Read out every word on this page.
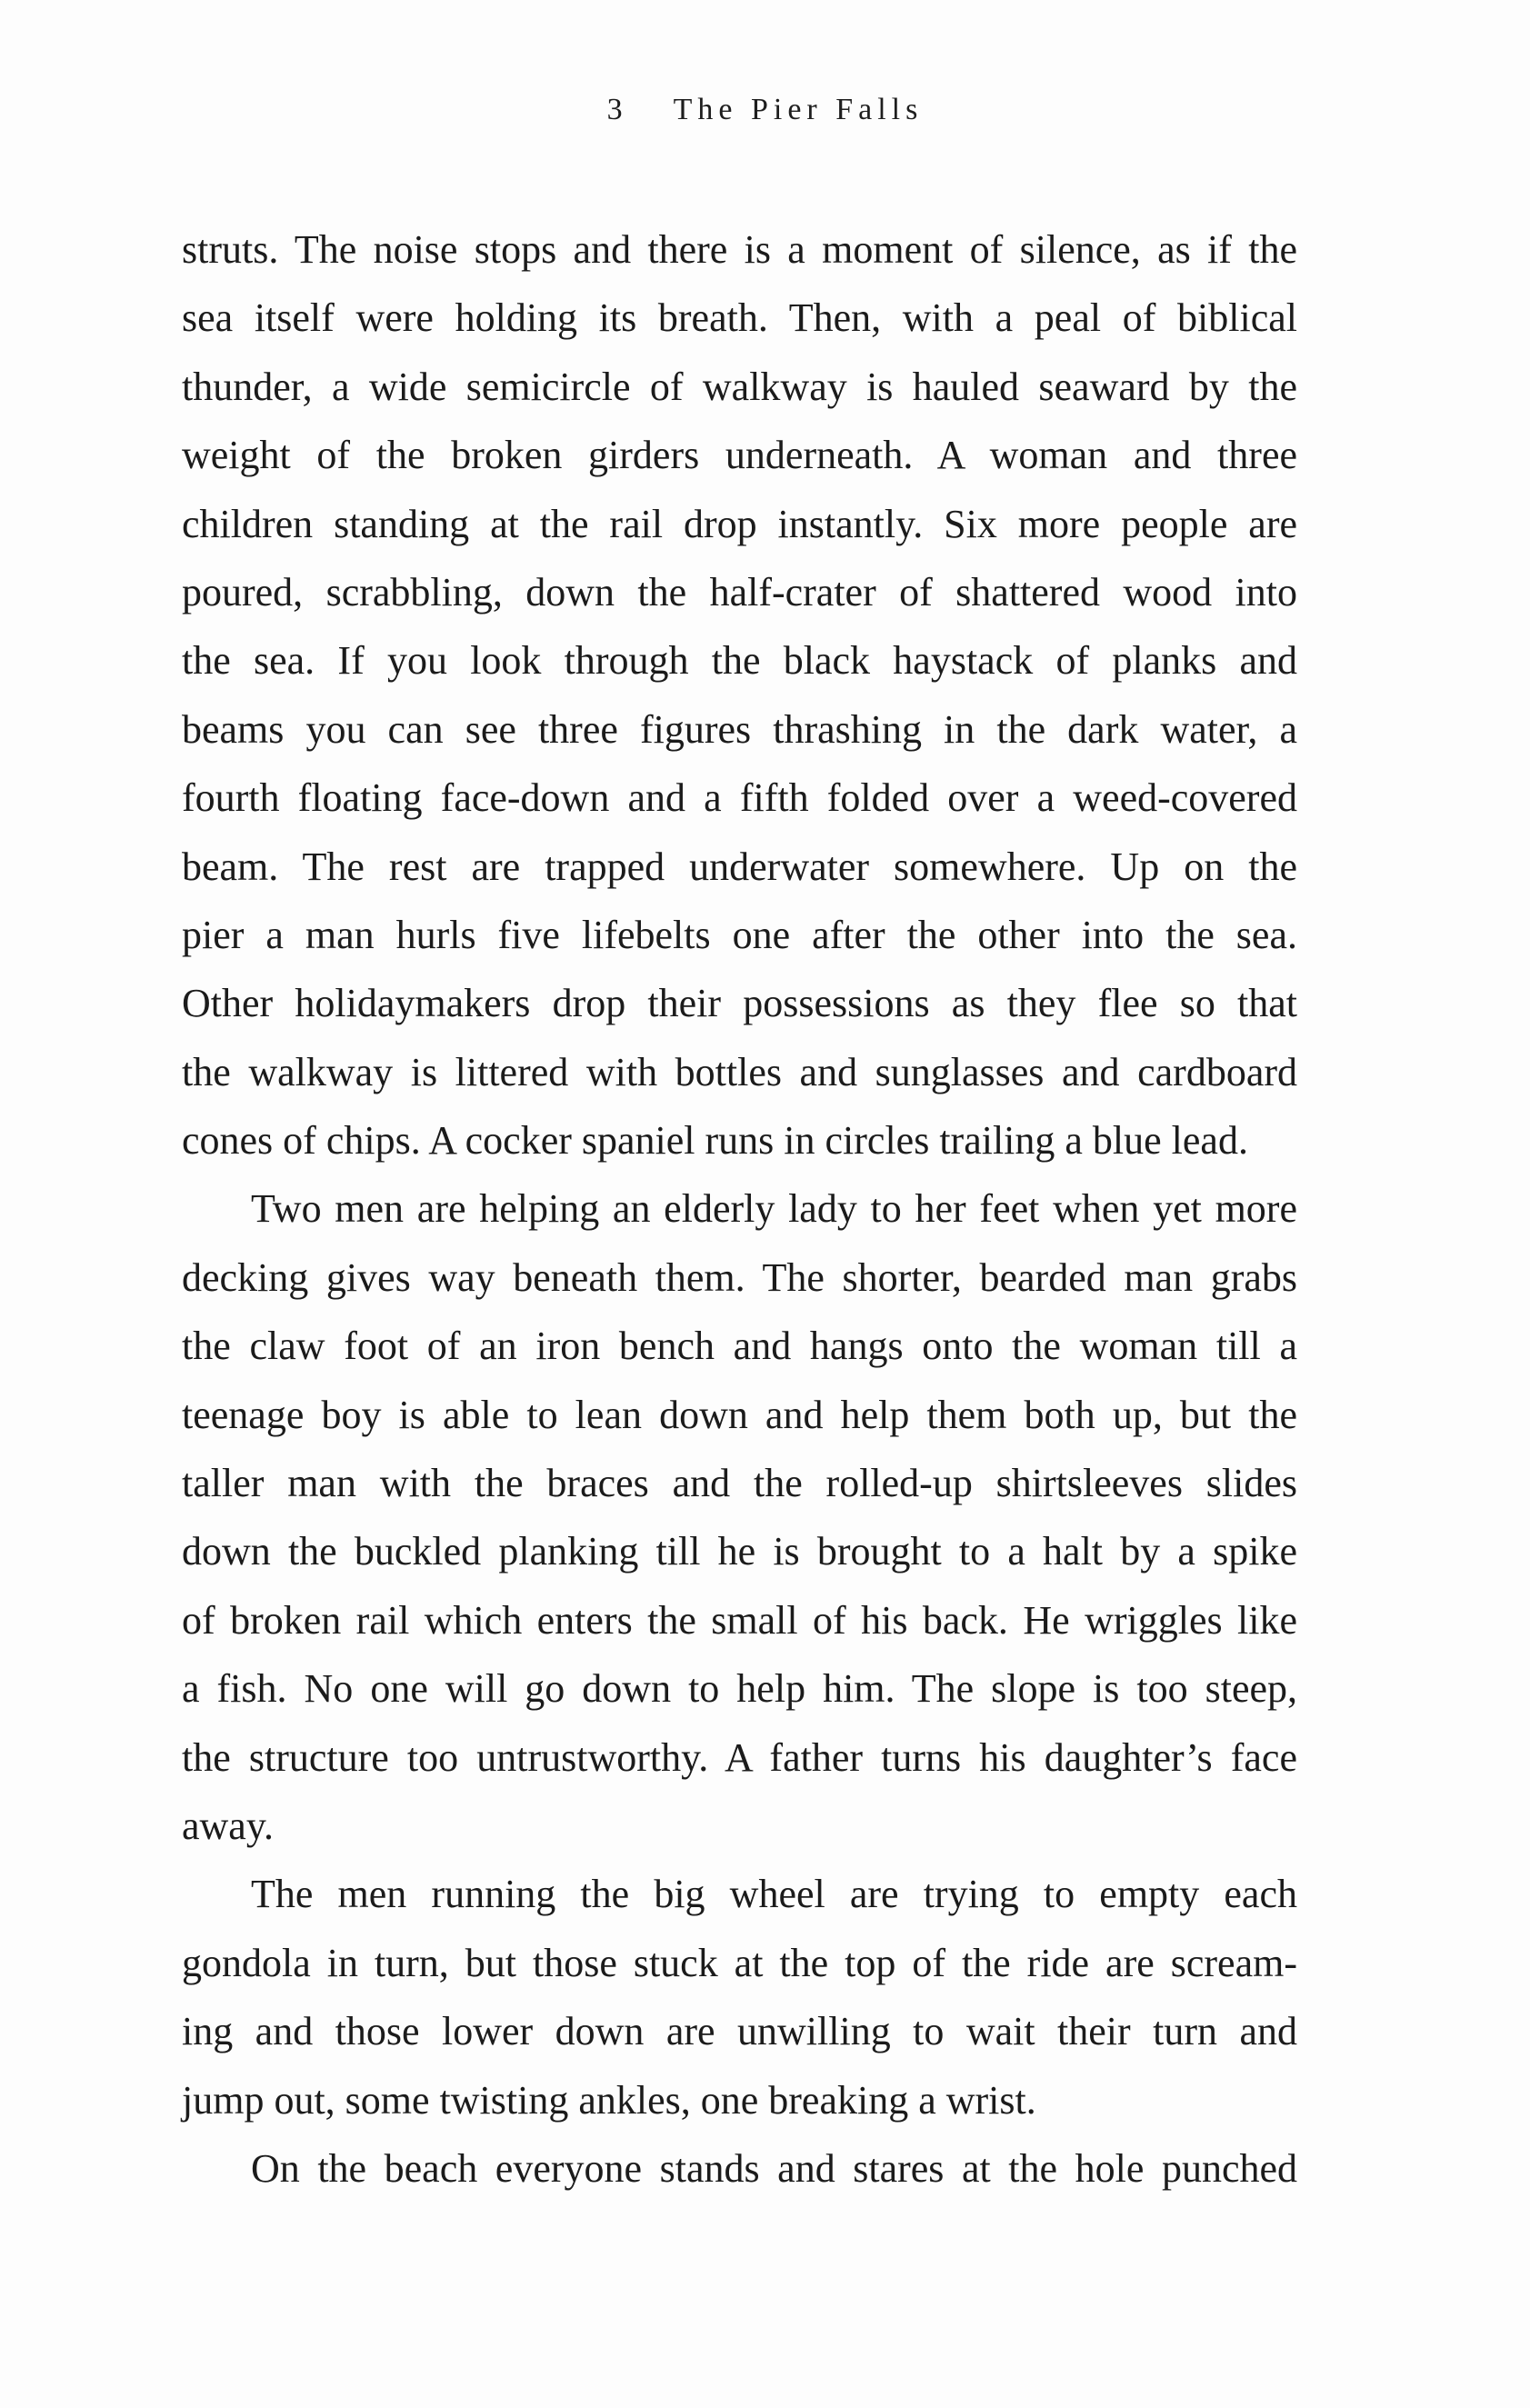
3 The Pier Falls
struts. The noise stops and there is a moment of silence, as if the
sea itself were holding its breath. Then, with a peal of biblical
thunder, a wide semicircle of walkway is hauled seaward by the
weight of the broken girders underneath. A woman and three
children standing at the rail drop instantly. Six more people are
poured, scrabbling, down the half-crater of shattered wood into
the sea. If you look through the black haystack of planks and
beams you can see three figures thrashing in the dark water, a
fourth floating face-down and a fifth folded over a weed-covered
beam. The rest are trapped underwater somewhere. Up on the
pier a man hurls five lifebelts one after the other into the sea.
Other holidaymakers drop their possessions as they flee so that
the walkway is littered with bottles and sunglasses and cardboard
cones of chips. A cocker spaniel runs in circles trailing a blue lead.
Two men are helping an elderly lady to her feet when yet more
decking gives way beneath them. The shorter, bearded man grabs
the claw foot of an iron bench and hangs onto the woman till a
teenage boy is able to lean down and help them both up, but the
taller man with the braces and the rolled-up shirtsleeves slides
down the buckled planking till he is brought to a halt by a spike
of broken rail which enters the small of his back. He wriggles like
a fish. No one will go down to help him. The slope is too steep,
the structure too untrustworthy. A father turns his daughter’s face
away.
The men running the big wheel are trying to empty each
gondola in turn, but those stuck at the top of the ride are scream-
ing and those lower down are unwilling to wait their turn and
jump out, some twisting ankles, one breaking a wrist.
On the beach everyone stands and stares at the hole punched
